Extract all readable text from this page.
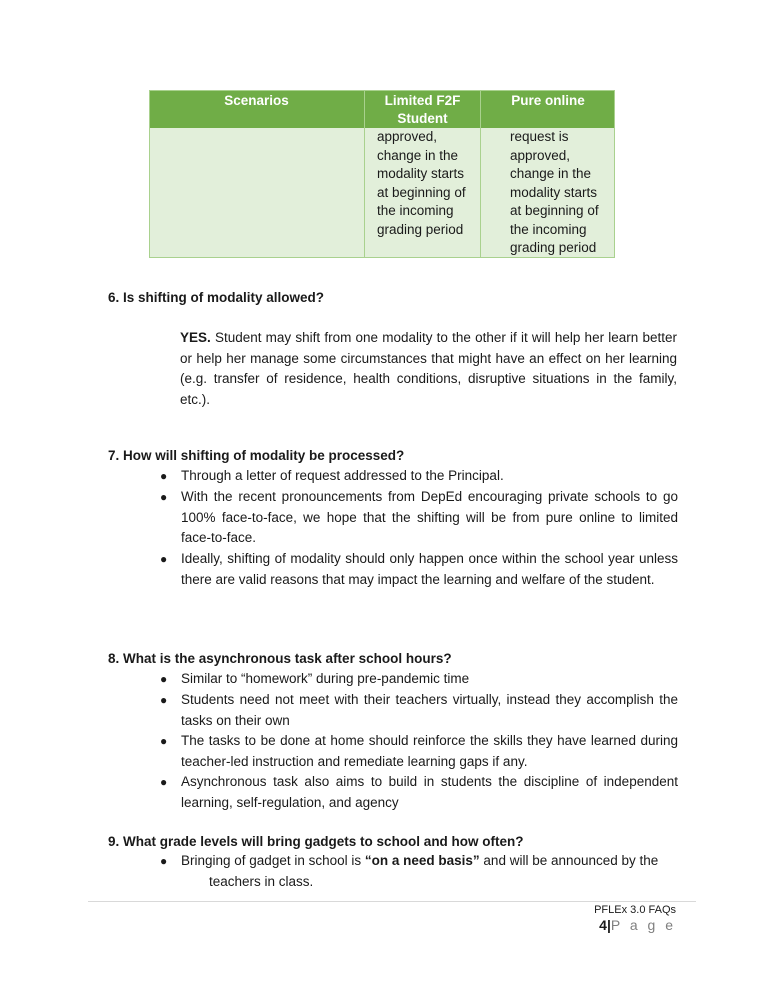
Scenarios	Limited F2F Student
Pure online
approved,
change in the
modality starts
at beginning of
the incoming
grading period
request is
approved,
change in the
modality starts
at beginning of
the incoming
grading period
6. Is shifting of modality allowed?
YES. Student may shift from one modality to the other if it will help her learn better or help her manage some circumstances that might have an effect on her learning (e.g. transfer of residence, health conditions, disruptive situations in the family, etc.).
7. How will shifting of modality be processed?
● Through a letter of request addressed to the Principal.
● With the recent pronouncements from DepEd encouraging private schools to go 100% face-to-face, we hope that the shifting will be from pure online to limited face-to-face.
● Ideally, shifting of modality should only happen once within the school year unless there are valid reasons that may impact the learning and welfare of the student.
8. What is the asynchronous task after school hours?
● Similar to “homework” during pre-pandemic time
● Students need not meet with their teachers virtually, instead they accomplish the tasks on their own
● The tasks to be done at home should reinforce the skills they have learned during teacher-led instruction and remediate learning gaps if any.
● Asynchronous task also aims to build in students the discipline of independent learning, self-regulation, and agency
9. What grade levels will bring gadgets to school and how often?
● Bringing of gadget in school is “on a need basis” and will be announced by the
teachers in class.
PFLEx 3.0 FAQs
4|P a g e
